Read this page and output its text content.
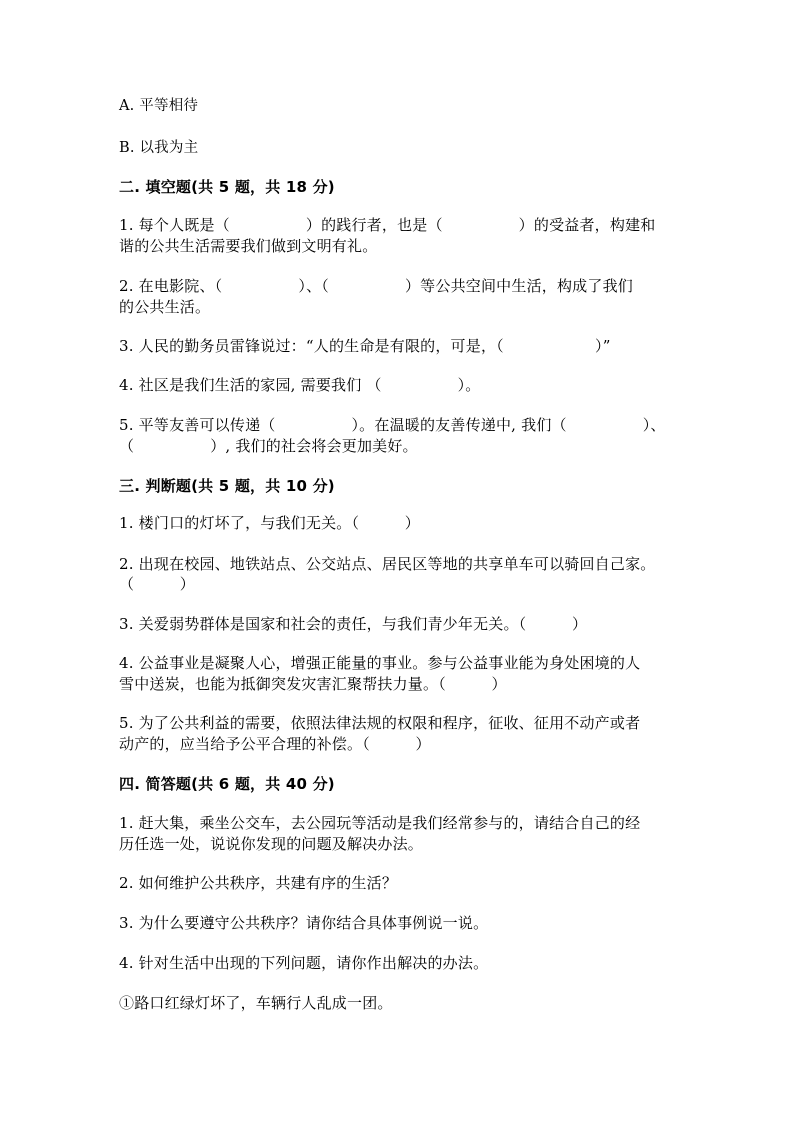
A. 平等相待
B. 以我为主
二. 填空题(共 5 题，共 18 分)
1. 每个人既是（　　　　　）的践行者，也是（　　　　　）的受益者，构建和
谐的公共生活需要我们做到文明有礼。
2. 在电影院、（　　　　　）、（　　　　　）等公共空间中生活，构成了我们
的公共生活。
3. 人民的勤务员雷锋说过：“人的生命是有限的，可是，（　　　　　　）”
4. 社区是我们生活的家园, 需要我们 （　　　　　）。
5. 平等友善可以传递（　　　　　）。在温暖的友善传递中, 我们（　　　　　）、
（　　　　　）, 我们的社会将会更加美好。
三. 判断题(共 5 题，共 10 分)
1. 楼门口的灯坏了，与我们无关。（　　　）
2. 出现在校园、地铁站点、公交站点、居民区等地的共享单车可以骑回自己家。
（　　　）
3. 关爱弱势群体是国家和社会的责任，与我们青少年无关。（　　　）
4. 公益事业是凝聚人心，增强正能量的事业。参与公益事业能为身处困境的人
雪中送炭，也能为抵御突发灾害汇聚帮扶力量。（　　　）
5. 为了公共利益的需要，依照法律法规的权限和程序，征收、征用不动产或者
动产的，应当给予公平合理的补偿。（　　　）
四. 简答题(共 6 题，共 40 分)
1. 赶大集，乘坐公交车，去公园玩等活动是我们经常参与的，请结合自己的经
历任选一处，说说你发现的问题及解决办法。
2. 如何维护公共秩序，共建有序的生活？
3. 为什么要遵守公共秩序？请你结合具体事例说一说。
4. 针对生活中出现的下列问题，请你作出解决的办法。
①路口红绿灯坏了，车辆行人乱成一团。
